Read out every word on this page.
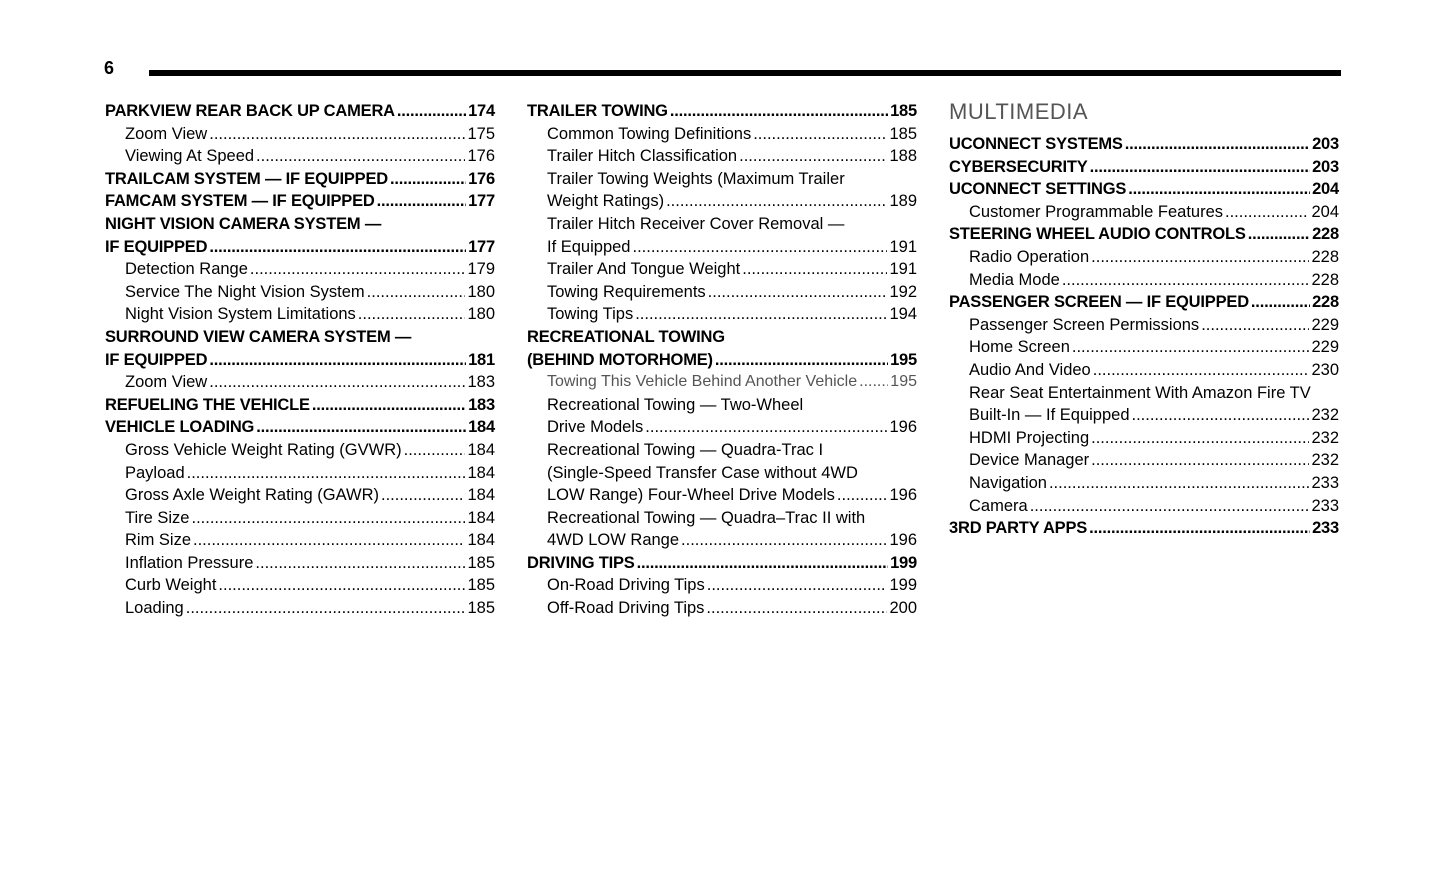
6
PARKVIEW REAR BACK UP CAMERA .....	174
Zoom View .....	175
Viewing At Speed .....	176
TRAILCAM SYSTEM — IF EQUIPPED .....	176
FAMCAM SYSTEM — IF EQUIPPED .....	177
NIGHT VISION CAMERA SYSTEM —
IF EQUIPPED .....	177
Detection Range .....	179
Service The Night Vision System .....	180
Night Vision System Limitations .....	180
SURROUND VIEW CAMERA SYSTEM —
IF EQUIPPED .....	181
Zoom View .....	183
REFUELING THE VEHICLE .....	183
VEHICLE LOADING .....	184
Gross Vehicle Weight Rating (GVWR) .....	184
Payload .....	184
Gross Axle Weight Rating (GAWR) .....	184
Tire Size .....	184
Rim Size .....	184
Inflation Pressure .....	185
Curb Weight .....	185
Loading .....	185
TRAILER TOWING .....	185
Common Towing Definitions .....	185
Trailer Hitch Classification .....	188
Trailer Towing Weights (Maximum Trailer
Weight Ratings) .....	189
Trailer Hitch Receiver Cover Removal —
If Equipped .....	191
Trailer And Tongue Weight .....	191
Towing Requirements .....	192
Towing Tips .....	194
RECREATIONAL TOWING
(BEHIND MOTORHOME) .....	195
Towing This Vehicle Behind Another Vehicle ..... 195
Recreational Towing — Two-Wheel
Drive Models .....	196
Recreational Towing — Quadra-Trac I
(Single-Speed Transfer Case without 4WD
LOW Range) Four-Wheel Drive Models .....	196
Recreational Towing — Quadra–Trac II with
4WD LOW Range .....	196
DRIVING TIPS .....	199
On-Road Driving Tips .....	199
Off-Road Driving Tips .....	200
MULTIMEDIA
UCONNECT SYSTEMS .....	203
CYBERSECURITY .....	203
UCONNECT SETTINGS .....	204
Customer Programmable Features .....	204
STEERING WHEEL AUDIO CONTROLS .....	228
Radio Operation .....	228
Media Mode .....	228
PASSENGER SCREEN — IF EQUIPPED .....	228
Passenger Screen Permissions .....	229
Home Screen .....	229
Audio And Video .....	230
Rear Seat Entertainment With Amazon Fire TV
Built-In — If Equipped .....	232
HDMI Projecting .....	232
Device Manager .....	232
Navigation .....	233
Camera .....	233
3RD PARTY APPS .....	233
